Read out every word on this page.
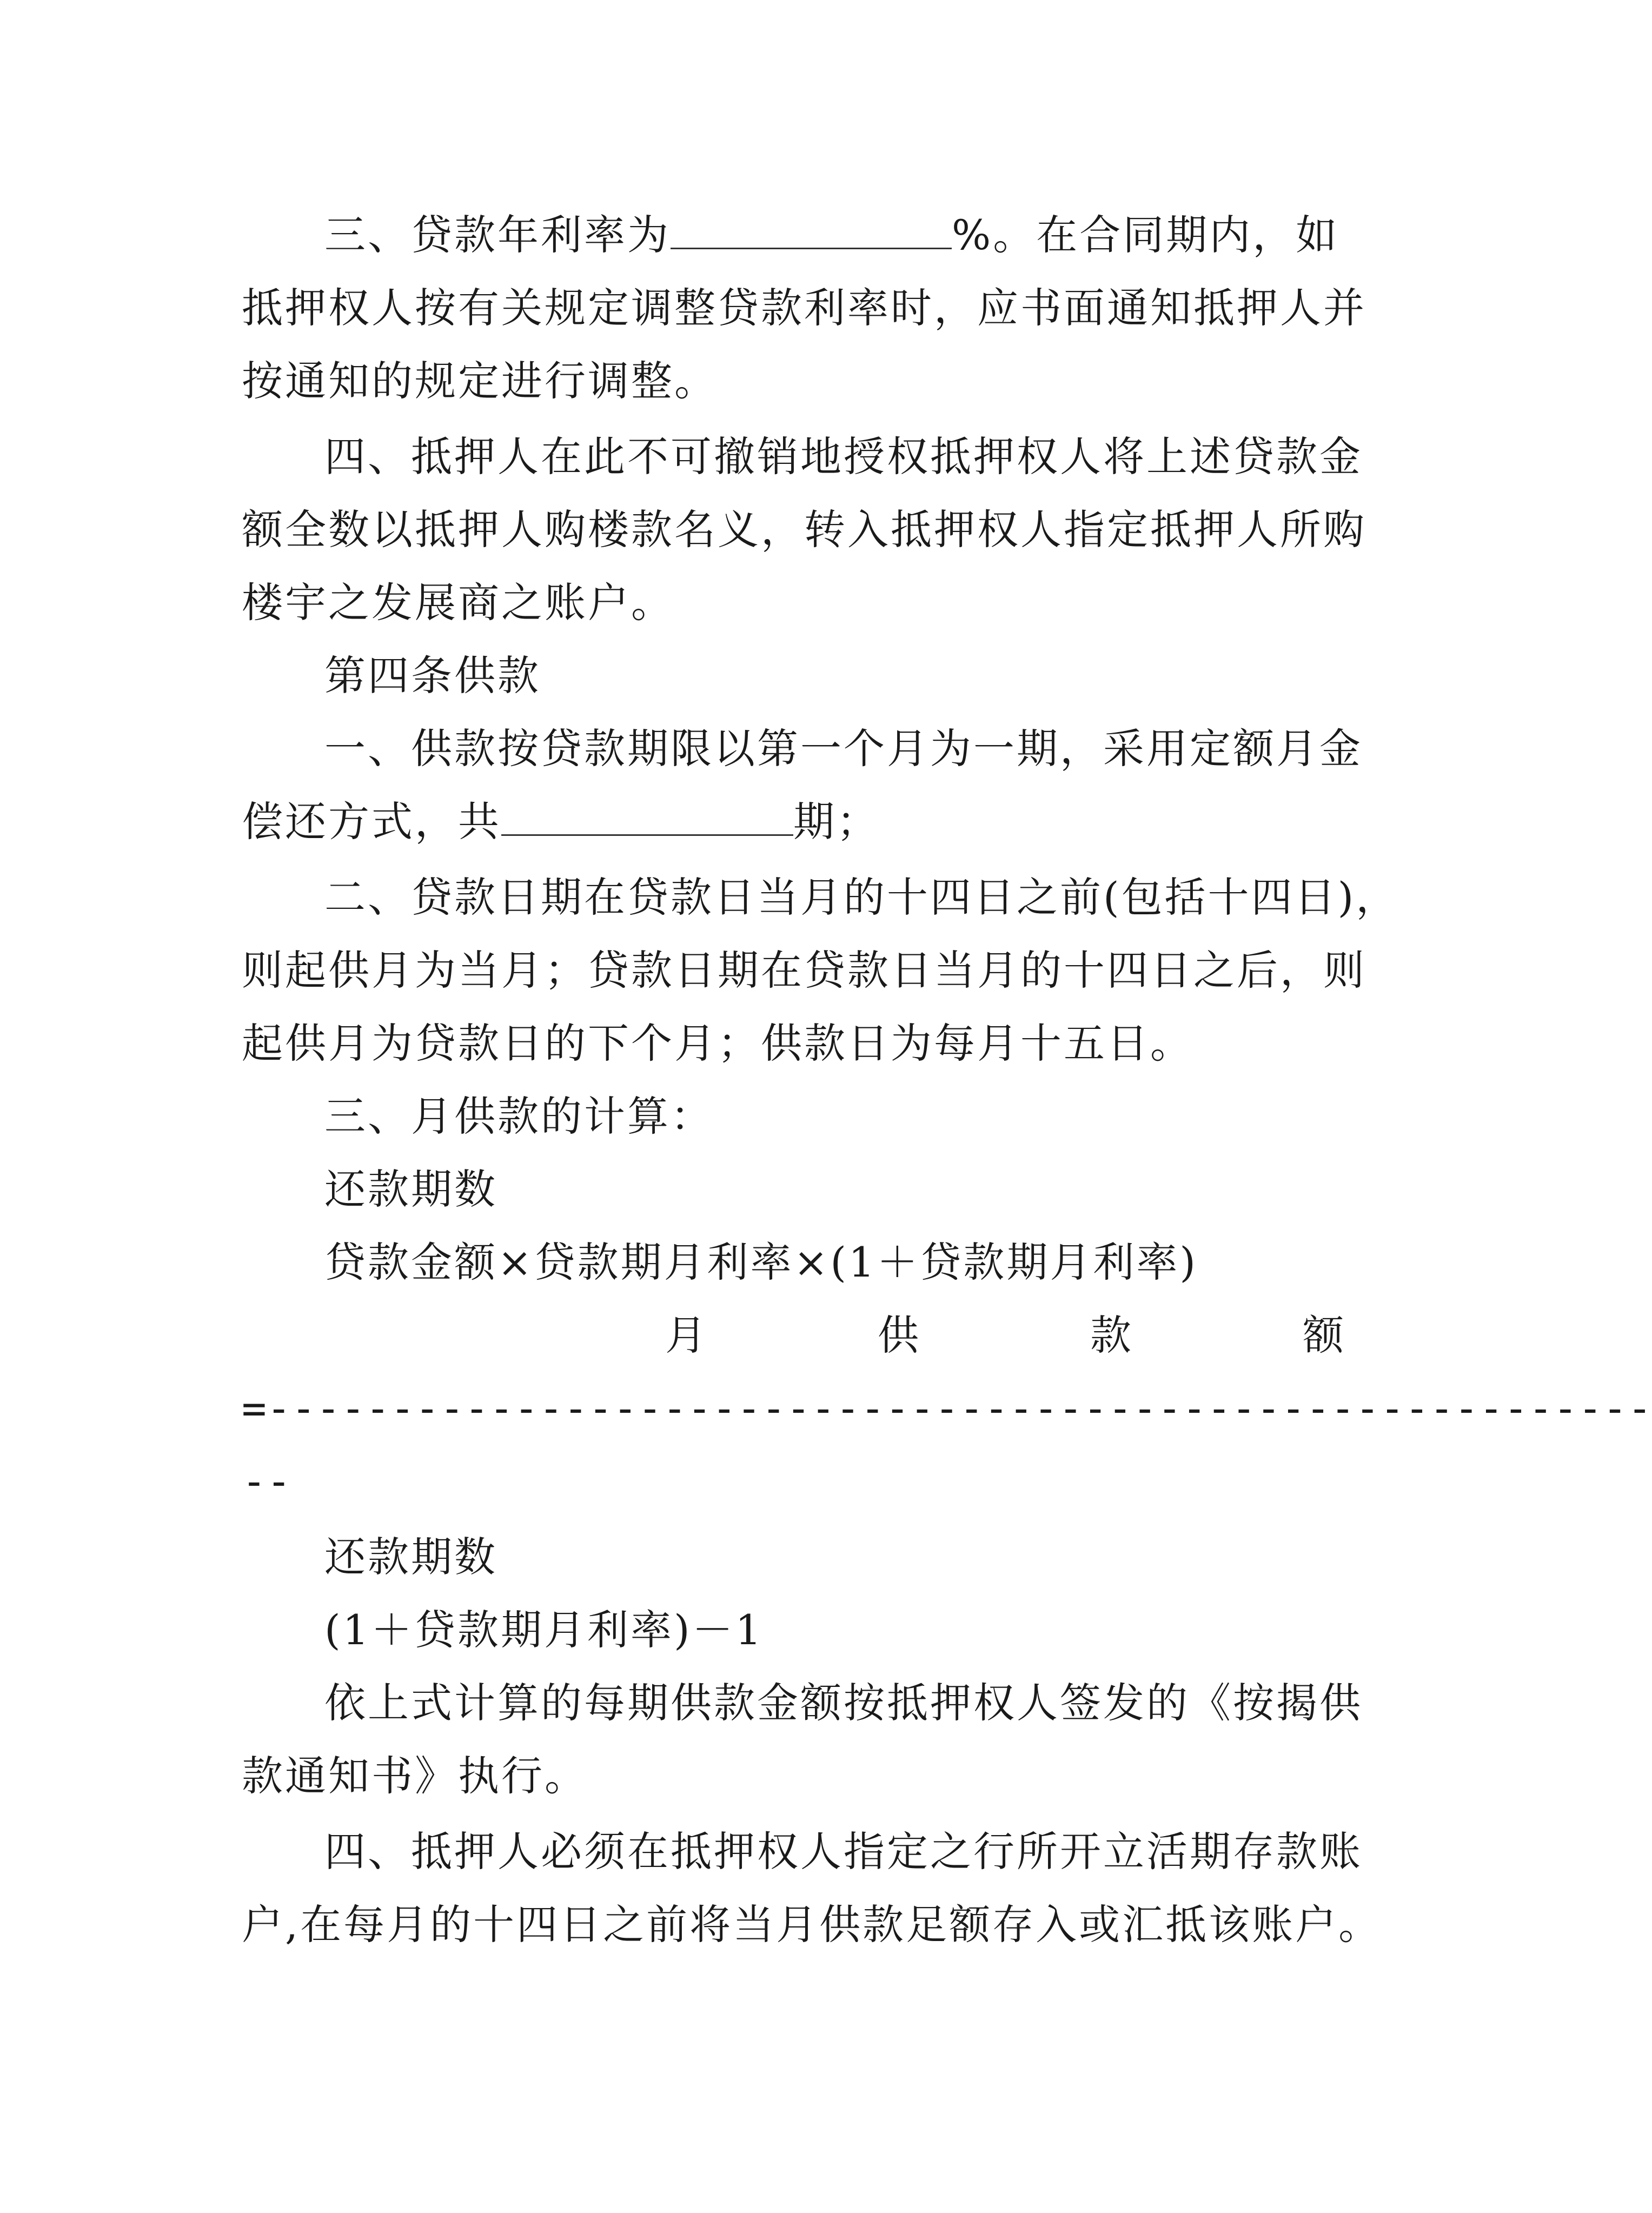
三、贷款年利率为	%。在合同期内，如
抵押权人按有关规定调整贷款利率时，应书面通知抵押人并
按通知的规定进行调整。
四、抵押人在此不可撤销地授权抵押权人将上述贷款金
额全数以抵押人购楼款名义，转入抵押权人指定抵押人所购
楼宇之发展商之账户。
第四条供款
一、供款按贷款期限以第一个月为一期，采用定额月金
偿还方式，共	期；
二、贷款日期在贷款日当月的十四日之前(包括十四日)，
则起供月为当月；贷款日期在贷款日当月的十四日之后，则
起供月为贷款日的下个月；供款日为每月十五日。
三、月供款的计算：
还款期数
贷款金额×贷款期月利率×(1＋贷款期月利率)
月	供	款	额
=--------------------------------------------------------
--
还款期数
(1＋贷款期月利率)－1
依上式计算的每期供款金额按抵押权人签发的《按揭供
款通知书》执行。
四、抵押人必须在抵押权人指定之行所开立活期存款账
户,在每月的十四日之前将当月供款足额存入或汇抵该账户。
